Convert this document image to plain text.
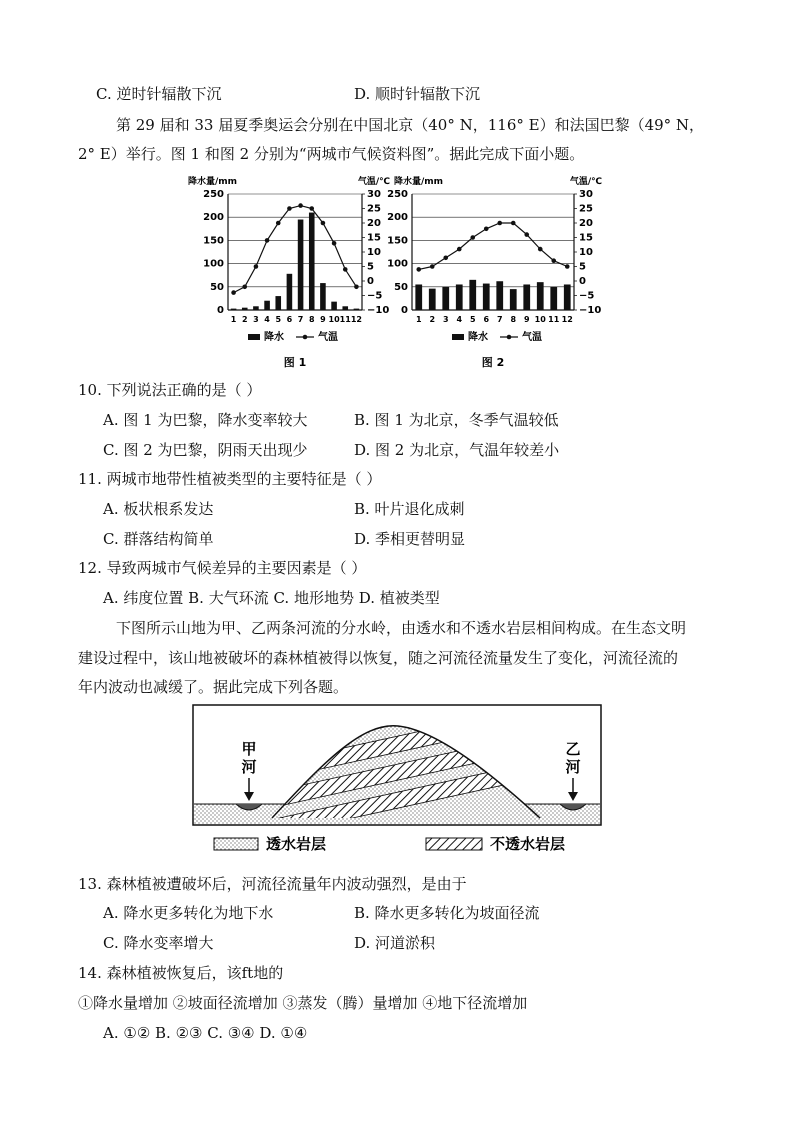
C. 逆时针辐散下沉	D. 顺时针辐散下沉
第 29 届和 33 届夏季奥运会分别在中国北京（40° N，116° E）和法国巴黎（49° N，
2° E）举行。图 1 和图 2 分别为“两城市气候资料图”。据此完成下面小题。
降水量/mm	气温/℃
0
50
100
150
200
250
−10
−5
0
5
10
15
20
25
30
1 2 3 4 5 6 7 8 9 10 11 12
降水	气温
图 1
降水量/mm	气温/℃
0
50
100
150
200
250
−10
−5
0
5
10
15
20
25
30
1 2 3 4 5 6 7 8 9 10 11 12
降水	气温
图 2
10. 下列说法正确的是（ ）
A. 图 1 为巴黎，降水变率较大	B. 图 1 为北京，冬季气温较低
C. 图 2 为巴黎，阴雨天出现少	D. 图 2 为北京，气温年较差小
11. 两城市地带性植被类型的主要特征是（ ）
A. 板状根系发达	B. 叶片退化成刺
C. 群落结构简单	D. 季相更替明显
12. 导致两城市气候差异的主要因素是（ ）
A. 纬度位置 B. 大气环流 C. 地形地势 D. 植被类型
下图所示山地为甲、乙两条河流的分水岭，由透水和不透水岩层相间构成。在生态文明
建设过程中，该山地被破坏的森林植被得以恢复，随之河流径流量发生了变化，河流径流的
年内波动也减缓了。据此完成下列各题。
甲
河
乙
河
透水岩层	不透水岩层
13. 森林植被遭破坏后，河流径流量年内波动强烈，是由于
A. 降水更多转化为地下水	B. 降水更多转化为坡面径流
C. 降水变率增大	D. 河道淤积
14. 森林植被恢复后，该ft地的
①降水量增加 ②坡面径流增加 ③蒸发（腾）量增加 ④地下径流增加
A. ①② B. ②③ C. ③④ D. ①④
